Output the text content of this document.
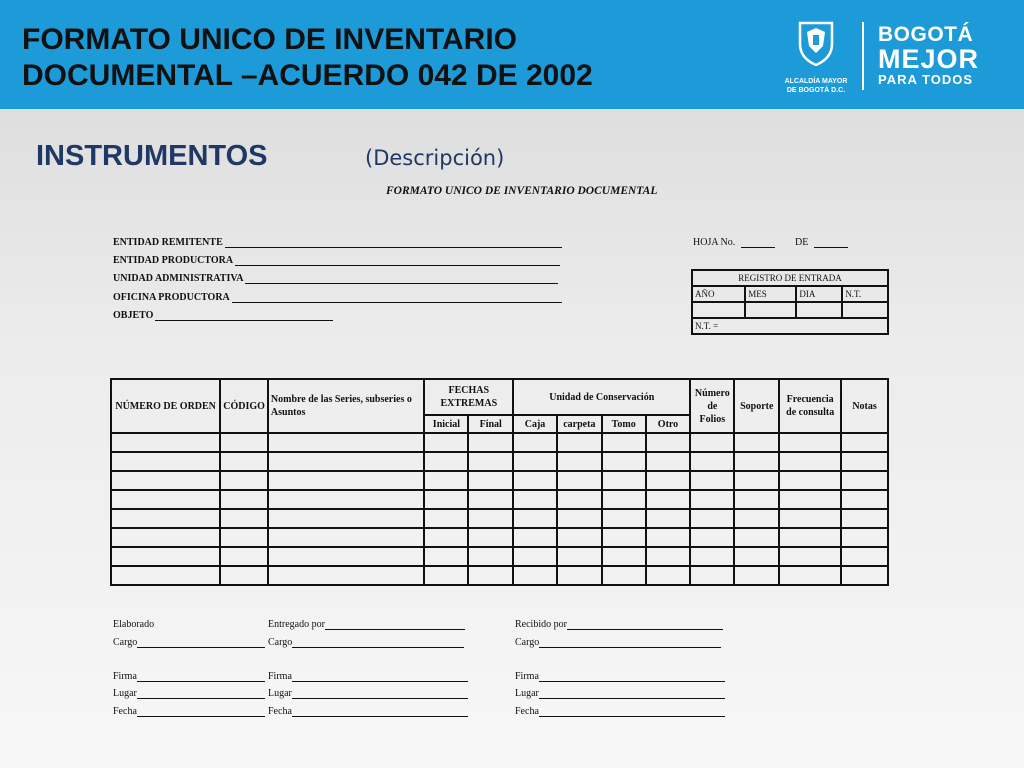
FORMATO UNICO DE INVENTARIO
DOCUMENTAL –ACUERDO 042 DE 2002	ALCALDÍA MAYOR
DE BOGOTÁ D.C.
BOGOTÁ
MEJOR
PARA TODOS
INSTRUMENTOS	(Descripción)
FORMATO UNICO DE INVENTARIO DOCUMENTAL
ENTIDAD REMITENTE
ENTIDAD PRODUCTORA
UNIDAD ADMINISTRATIVA
OFICINA PRODUCTORA
OBJETO
HOJA No.	DE
REGISTRO DE ENTRADA			
AÑO	MES	DIA	N.T.

N.T. =			
NÚMERO DE ORDEN	CÓDIGO	Nombre de las Series, subseries o Asuntos	FECHAS EXTREMAS		Unidad de Conservación				Número de Folios	Soporte	Frecuencia de consulta	Notas
			Inicial	Final	Caja	carpeta	Tomo	Otro				

Elaborado
Cargo
Firma
Lugar
Fecha
Entregado por
Cargo
Firma
Lugar
Fecha
Recibido por
Cargo
Firma
Lugar
Fecha
